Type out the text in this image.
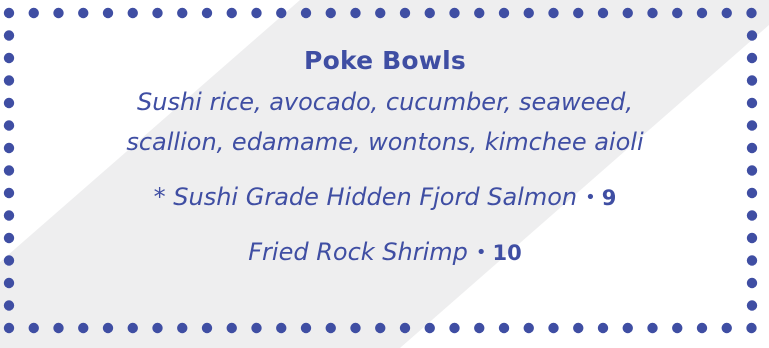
Poke Bowls
Sushi rice, avocado, cucumber, seaweed,
scallion, edamame, wontons, kimchee aioli
* Sushi Grade Hidden Fjord Salmon • 9
Fried Rock Shrimp • 10
